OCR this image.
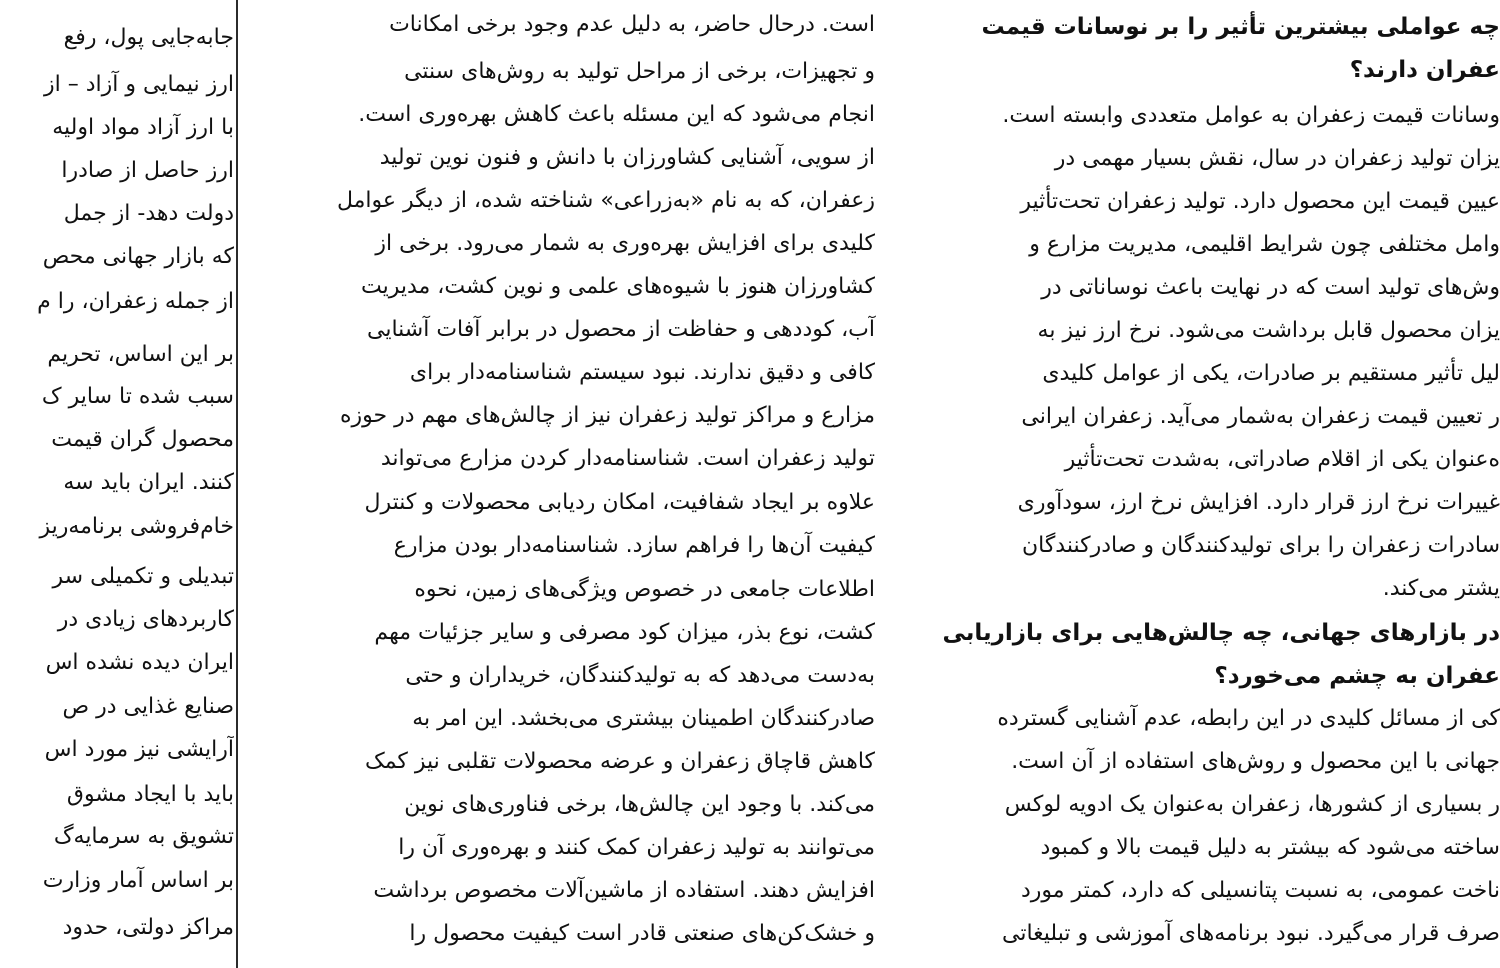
جابه‌جایی پول، رفع
ارز نیمایی و آزاد – از
با ارز آزاد مواد اولیه
ارز حاصل از صادرا
دولت دهد- از جمل
که بازار جهانی محص
از جمله زعفران، را م
بر این اساس، تحریم
سبب شده تا سایر ک
محصول گران قیمت
کنند. ایران باید سه
خام‌فروشی برنامه‌ریز
تبدیلی و تکمیلی سر
کاربردهای زیادی در
ایران دیده نشده اس
صنایع غذایی در ص
آرایشی نیز مورد اس
باید با ایجاد مشوق
تشویق به سرمایه‌گ
بر اساس آمار وزارت
مراکز دولتی، حدود
است. درحال حاضر، به دلیل عدم وجود برخی امکانات
و تجهیزات، برخی از مراحل تولید به روش‌های سنتی
انجام می‌شود که این مسئله باعث کاهش بهره‌وری است.
از سویی، آشنایی کشاورزان با دانش و فنون نوین تولید
زعفران، که به نام «به‌زراعی» شناخته شده، از دیگر عوامل
کلیدی برای افزایش بهره‌وری به شمار می‌رود. برخی از
کشاورزان هنوز با شیوه‌های علمی و نوین کشت، مدیریت
آب، کوددهی و حفاظت از محصول در برابر آفات آشنایی
کافی و دقیق ندارند. نبود سیستم شناسنامه‌دار برای
مزارع و مراکز تولید زعفران نیز از چالش‌های مهم در حوزه
تولید زعفران است. شناسنامه‌دار کردن مزارع می‌تواند
علاوه بر ایجاد شفافیت، امکان ردیابی محصولات و کنترل
کیفیت آن‌ها را فراهم سازد. شناسنامه‌دار بودن مزارع
اطلاعات جامعی در خصوص ویژگی‌های زمین، نحوه
کشت، نوع بذر، میزان کود مصرفی و سایر جزئیات مهم
به‌دست می‌دهد که به تولیدکنندگان، خریداران و حتی
صادرکنندگان اطمینان بیشتری می‌بخشد. این امر به
کاهش قاچاق زعفران و عرضه محصولات تقلبی نیز کمک
می‌کند. با وجود این چالش‌ها، برخی فناوری‌های نوین
می‌توانند به تولید زعفران کمک کنند و بهره‌وری آن را
افزایش دهند. استفاده از ماشین‌آلات مخصوص برداشت
و خشک‌کن‌های صنعتی قادر است کیفیت محصول را
چه عواملی بیشترین تأثیر را بر نوسانات قیمت
عفران دارند؟
وسانات قیمت زعفران به عوامل متعددی وابسته است.
یزان تولید زعفران در سال، نقش بسیار مهمی در
عیین قیمت این محصول دارد. تولید زعفران تحت‌تأثیر
وامل مختلفی چون شرایط اقلیمی، مدیریت مزارع و
وش‌های تولید است که در نهایت باعث نوساناتی در
یزان محصول قابل برداشت می‌شود. نرخ ارز نیز به
لیل تأثیر مستقیم بر صادرات، یکی از عوامل کلیدی
ر تعیین قیمت زعفران به‌شمار می‌آید. زعفران ایرانی
ه‌عنوان یکی از اقلام صادراتی، به‌شدت تحت‌تأثیر
غییرات نرخ ارز قرار دارد. افزایش نرخ ارز، سودآوری
سادرات زعفران را برای تولیدکنندگان و صادرکنندگان
یشتر می‌کند.
در بازارهای جهانی، چه چالش‌هایی برای بازاریابی
عفران به چشم می‌خورد؟
کی از مسائل کلیدی در این رابطه، عدم آشنایی گسترده
جهانی با این محصول و روش‌های استفاده از آن است.
ر بسیاری از کشورها، زعفران به‌عنوان یک ادویه لوکس
ساخته می‌شود که بیشتر به دلیل قیمت بالا و کمبود
ناخت عمومی، به نسبت پتانسیلی که دارد، کمتر مورد
صرف قرار می‌گیرد. نبود برنامه‌های آموزشی و تبلیغاتی
